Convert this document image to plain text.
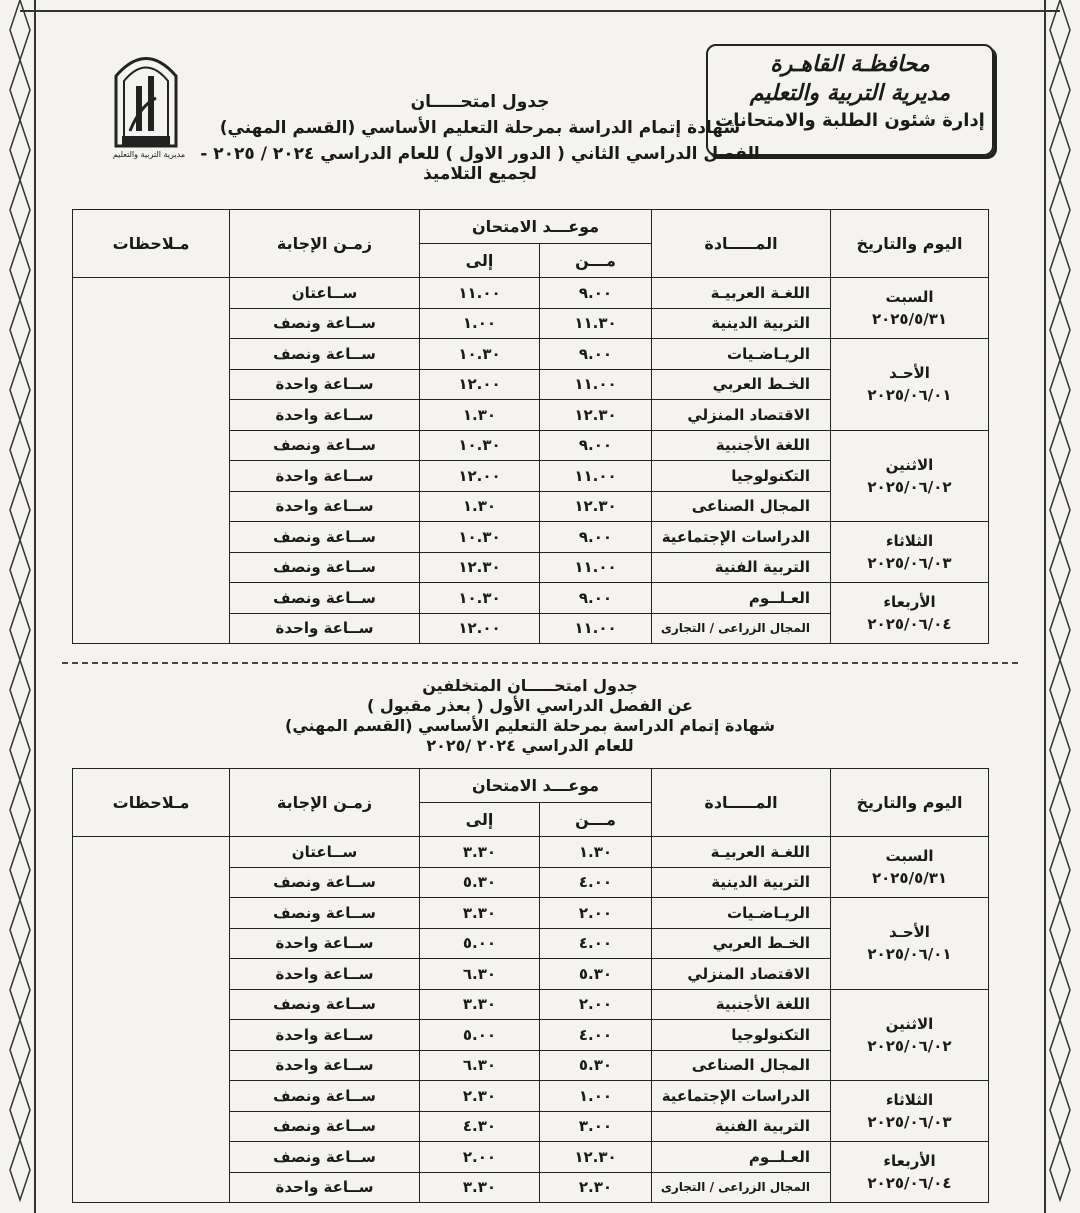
محافظـة القاهـرة
مديرية التربية والتعليم
إدارة شئون الطلبة والامتحانات
مديرية التربية والتعليم
جدول امتحـــــان
شهادة إتمام الدراسة بمرحلة التعليم الأساسي (القسم المهني)
الفصل الدراسي الثاني ( الدور الاول ) للعام الدراسي ٢٠٢٤ / ٢٠٢٥ - لجميع التلاميذ
اليوم والتاريخ	المـــــادة	موعـــد الامتحان		زمـن الإجابة	مـلاحظات
		مـــن	إلى		

السبت
٢٠٢٥/٥/٣١	اللغـة العربيـة	٩.٠٠	١١.٠٠	ســاعتان	
	التربية الدينية	١١.٣٠	١.٠٠	ســاعة ونصف	

الأحـد
٢٠٢٥/٠٦/٠١	الريـاضـيات	٩.٠٠	١٠.٣٠	ســاعة ونصف	
	الخـط العربي	١١.٠٠	١٢.٠٠	ســاعة واحدة	
	الاقتصاد المنزلي	١٢.٣٠	١.٣٠	ســاعة واحدة	

الاثنين
٢٠٢٥/٠٦/٠٢	اللغة الأجنبية	٩.٠٠	١٠.٣٠	ســاعة ونصف	
	التكنولوجيا	١١.٠٠	١٢.٠٠	ســاعة واحدة	
	المجال الصناعى	١٢.٣٠	١.٣٠	ســاعة واحدة	

الثلاثاء
٢٠٢٥/٠٦/٠٣	الدراسات الإجتماعية	٩.٠٠	١٠.٣٠	ســاعة ونصف	
	التربية الفنية	١١.٠٠	١٢.٣٠	ســاعة ونصف	

الأربعاء
٢٠٢٥/٠٦/٠٤	العـلــوم	٩.٠٠	١٠.٣٠	ســاعة ونصف	
	المجال الزراعى / التجارى	١١.٠٠	١٢.٠٠	ســاعة واحدة	
جدول امتحـــــان المتخلفين
عن الفصل الدراسي الأول ( بعذر مقبول )
شهادة إتمام الدراسة بمرحلة التعليم الأساسي (القسم المهني)
للعام الدراسي ٢٠٢٤ /٢٠٢٥
اليوم والتاريخ	المـــــادة	موعـــد الامتحان		زمـن الإجابة	مـلاحظات
		مـــن	إلى		

السبت
٢٠٢٥/٥/٣١	اللغـة العربيـة	١.٣٠	٣.٣٠	ســاعتان	
	التربية الدينية	٤.٠٠	٥.٣٠	ســاعة ونصف	

الأحـد
٢٠٢٥/٠٦/٠١	الريـاضـيات	٢.٠٠	٣.٣٠	ســاعة ونصف	
	الخـط العربي	٤.٠٠	٥.٠٠	ســاعة واحدة	
	الاقتصاد المنزلي	٥.٣٠	٦.٣٠	ســاعة واحدة	

الاثنين
٢٠٢٥/٠٦/٠٢	اللغة الأجنبية	٢.٠٠	٣.٣٠	ســاعة ونصف	
	التكنولوجيا	٤.٠٠	٥.٠٠	ســاعة واحدة	
	المجال الصناعى	٥.٣٠	٦.٣٠	ســاعة واحدة	

الثلاثاء
٢٠٢٥/٠٦/٠٣	الدراسات الإجتماعية	١.٠٠	٢.٣٠	ســاعة ونصف	
	التربية الفنية	٣.٠٠	٤.٣٠	ســاعة ونصف	

الأربعاء
٢٠٢٥/٠٦/٠٤	العـلــوم	١٢.٣٠	٢.٠٠	ســاعة ونصف	
	المجال الزراعى / التجارى	٢.٣٠	٣.٣٠	ســاعة واحدة	
